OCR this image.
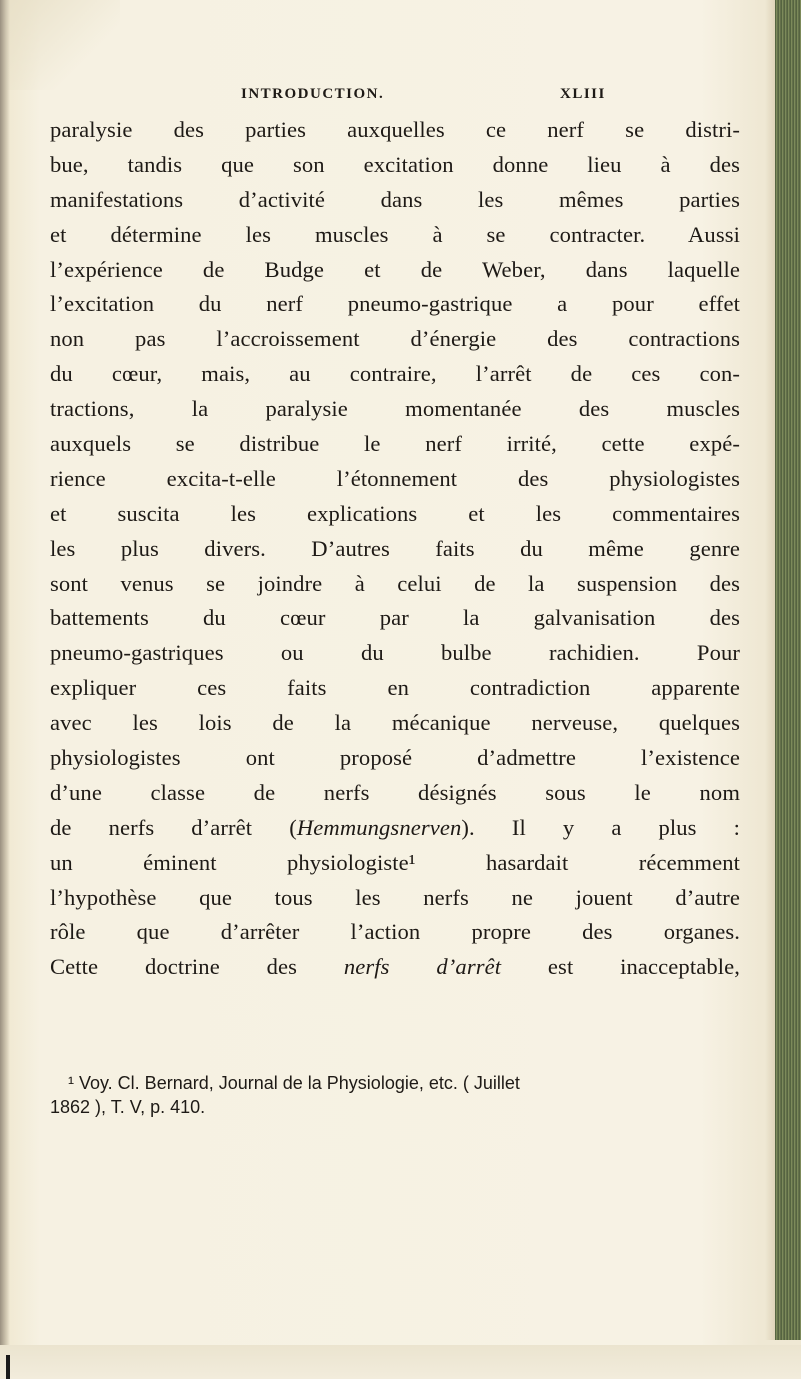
INTRODUCTION.	XLIII
paralysie des parties auxquelles ce nerf se distri-
bue, tandis que son excitation donne lieu à des
manifestations d’activité dans les mêmes parties
et détermine les muscles à se contracter. Aussi
l’expérience de Budge et de Weber, dans laquelle
l’excitation du nerf pneumo-gastrique a pour effet
non pas l’accroissement d’énergie des contractions
du cœur, mais, au contraire, l’arrêt de ces con-
tractions, la paralysie momentanée des muscles
auxquels se distribue le nerf irrité, cette expé-
rience excita-t-elle l’étonnement des physiologistes
et suscita les explications et les commentaires
les plus divers. D’autres faits du même genre
sont venus se joindre à celui de la suspension des
battements du cœur par la galvanisation des
pneumo-gastriques ou du bulbe rachidien. Pour
expliquer ces faits en contradiction apparente
avec les lois de la mécanique nerveuse, quelques
physiologistes ont proposé d’admettre l’existence
d’une classe de nerfs désignés sous le nom
de nerfs d’arrêt (Hemmungsnerven). Il y a plus :
un éminent physiologiste¹ hasardait récemment
l’hypothèse que tous les nerfs ne jouent d’autre
rôle que d’arrêter l’action propre des organes.
Cette doctrine des nerfs d’arrêt est inacceptable,
¹ Voy. Cl. Bernard, Journal de la Physiologie, etc. ( Juillet
1862 ), T. V, p. 410.
